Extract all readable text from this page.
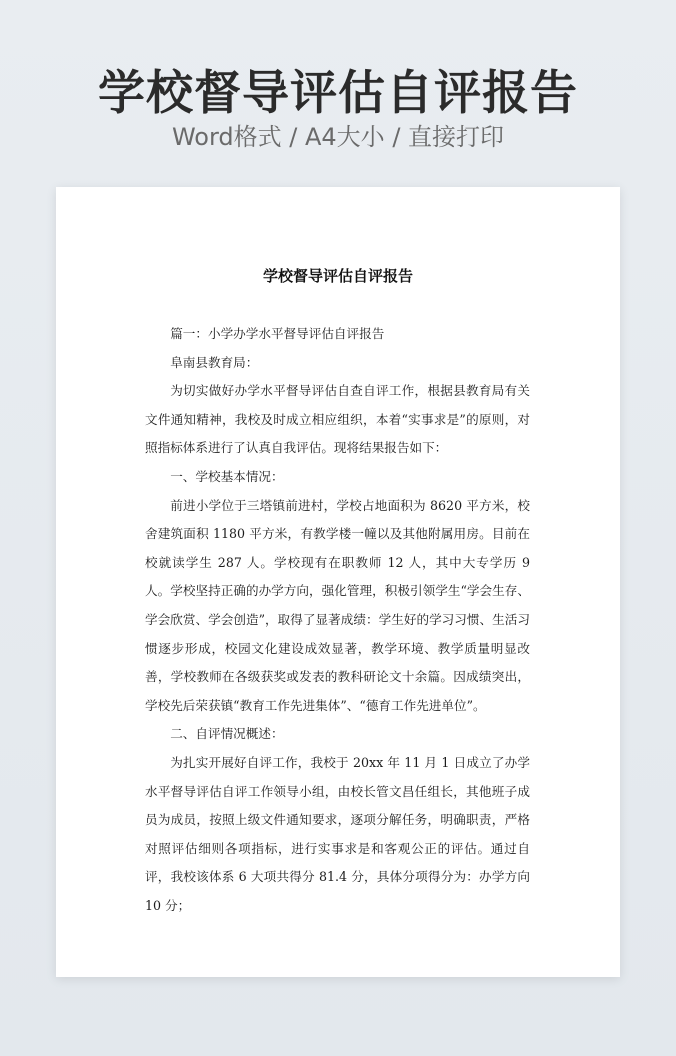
学校督导评估自评报告
Word格式 / A4大小 / 直接打印
学校督导评估自评报告

篇一：小学办学水平督导评估自评报告

阜南县教育局：

为切实做好办学水平督导评估自查自评工作，根据县教育局有关文件通知精神，我校及时成立相应组织，本着“实事求是”的原则，对照指标体系进行了认真自我评估。现将结果报告如下：

一、学校基本情况：

前进小学位于三塔镇前进村，学校占地面积为 8620 平方米，校舍建筑面积 1180 平方米，有教学楼一幢以及其他附属用房。目前在校就读学生 287 人。学校现有在职教师 12 人，其中大专学历 9 人。学校坚持正确的办学方向，强化管理，积极引领学生“学会生存、学会欣赏、学会创造”，取得了显著成绩：学生好的学习习惯、生活习惯逐步形成，校园文化建设成效显著，教学环境、教学质量明显改善，学校教师在各级获奖或发表的教科研论文十余篇。因成绩突出，学校先后荣获镇“教育工作先进集体”、“德育工作先进单位”。

二、自评情况概述：

为扎实开展好自评工作，我校于 20xx 年 11 月 1 日成立了办学水平督导评估自评工作领导小组，由校长管文昌任组长，其他班子成员为成员，按照上级文件通知要求，逐项分解任务，明确职责，严格对照评估细则各项指标，进行实事求是和客观公正的评估。通过自评，我校该体系 6 大项共得分 81.4 分，具体分项得分为：办学方向 10 分；
